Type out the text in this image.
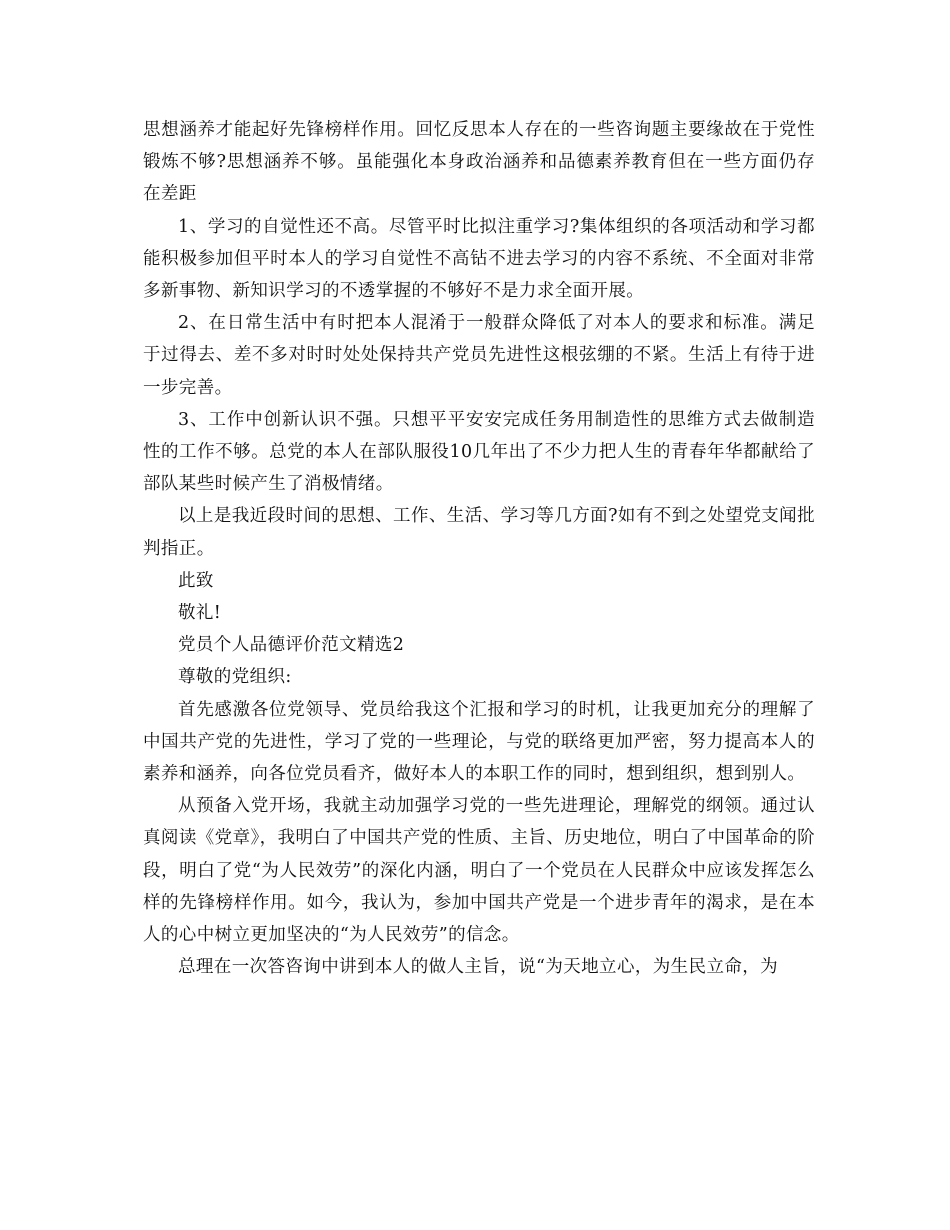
思想涵养才能起好先锋榜样作用。回忆反思本人存在的一些咨询题主要缘故在于党性锻炼不够?思想涵养不够。虽能强化本身政治涵养和品德素养教育但在一些方面仍存在差距

1、学习的自觉性还不高。尽管平时比拟注重学习?集体组织的各项活动和学习都能积极参加但平时本人的学习自觉性不高钻不进去学习的内容不系统、不全面对非常多新事物、新知识学习的不透掌握的不够好不是力求全面开展。

2、在日常生活中有时把本人混淆于一般群众降低了对本人的要求和标准。满足于过得去、差不多对时时处处保持共产党员先进性这根弦绷的不紧。生活上有待于进一步完善。

3、工作中创新认识不强。只想平平安安完成任务用制造性的思维方式去做制造性的工作不够。总党的本人在部队服役10几年出了不少力把人生的青春年华都献给了部队某些时候产生了消极情绪。

以上是我近段时间的思想、工作、生活、学习等几方面?如有不到之处望党支闻批判指正。

此致

敬礼!

党员个人品德评价范文精选2

尊敬的党组织:

首先感激各位党领导、党员给我这个汇报和学习的时机，让我更加充分的理解了中国共产党的先进性，学习了党的一些理论，与党的联络更加严密，努力提高本人的素养和涵养，向各位党员看齐，做好本人的本职工作的同时，想到组织，想到别人。

从预备入党开场，我就主动加强学习党的一些先进理论，理解党的纲领。通过认真阅读《党章》，我明白了中国共产党的性质、主旨、历史地位，明白了中国革命的阶段，明白了党“为人民效劳”的深化内涵，明白了一个党员在人民群众中应该发挥怎么样的先锋榜样作用。如今，我认为，参加中国共产党是一个进步青年的渴求，是在本人的心中树立更加坚决的“为人民效劳”的信念。

总理在一次答咨询中讲到本人的做人主旨，说“为天地立心，为生民立命，为
